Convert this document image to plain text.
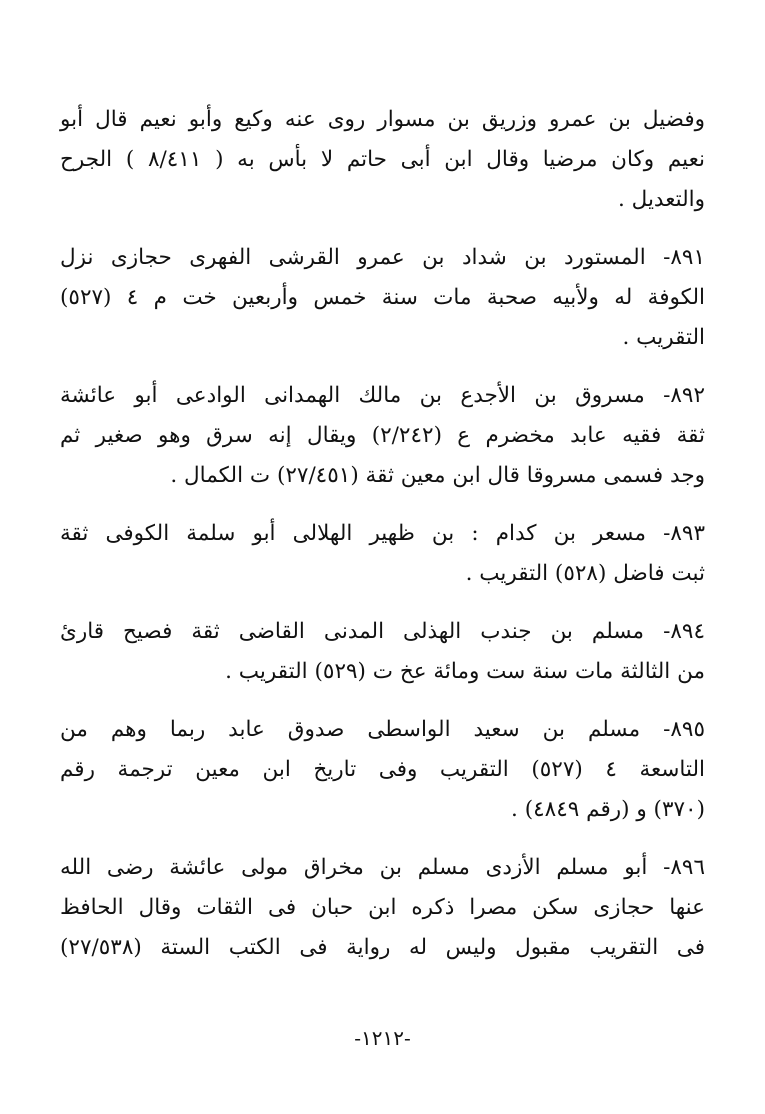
وفضيل بن عمرو وزريق بن مسوار روى عنه وكيع وأبو نعيم قال أبو
نعيم وكان مرضيا وقال ابن أبى حاتم لا بأس به ( ٨/٤١١ ) الجرح
والتعديل .
٨٩١- المستورد بن شداد بن عمرو القرشى الفهرى حجازى نزل
الكوفة له ولأبيه صحبة مات سنة خمس وأربعين خت م ٤ (٥٢٧)
التقريب .
٨٩٢- مسروق بن الأجدع بن مالك الهمدانى الوادعى أبو عائشة
ثقة فقيه عابد مخضرم ع (٢/٢٤٢) ويقال إنه سرق وهو صغير ثم
وجد فسمى مسروقا قال ابن معين ثقة (٢٧/٤٥١) ت الكمال .
٨٩٣- مسعر بن كدام : بن ظهير الهلالى أبو سلمة الكوفى ثقة
ثبت فاضل (٥٢٨) التقريب .
٨٩٤- مسلم بن جندب الهذلى المدنى القاضى ثقة فصيح قارئ
من الثالثة مات سنة ست ومائة عخ ت (٥٢٩) التقريب .
٨٩٥- مسلم بن سعيد الواسطى صدوق عابد ربما وهم من
التاسعة ٤ (٥٢٧) التقريب وفى تاريخ ابن معين ترجمة رقم
(٣٧٠) و (رقم ٤٨٤٩) .
٨٩٦- أبو مسلم الأزدى مسلم بن مخراق مولى عائشة رضى الله
عنها حجازى سكن مصرا ذكره ابن حبان فى الثقات وقال الحافظ
فى التقريب مقبول وليس له رواية فى الكتب الستة (٢٧/٥٣٨)
-١٢١٢-
